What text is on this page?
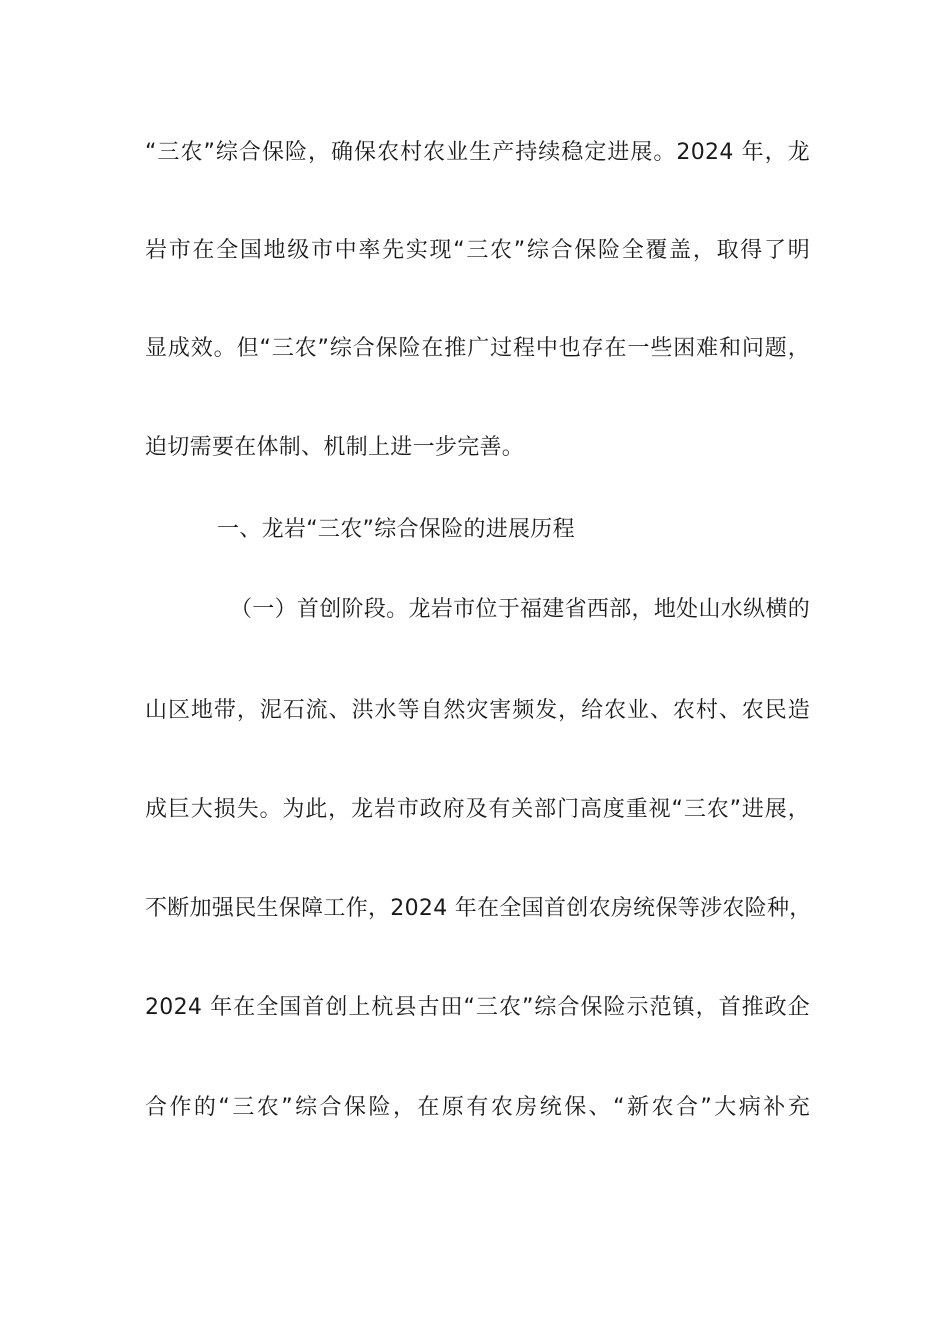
“三农”综合保险，确保农村农业生产持续稳定进展。2024 年，龙
岩市在全国地级市中率先实现“三农”综合保险全覆盖，取得了明
显成效。但“三农”综合保险在推广过程中也存在一些困难和问题，
迫切需要在体制、机制上进一步完善。
一、龙岩“三农”综合保险的进展历程
（一）首创阶段。龙岩市位于福建省西部，地处山水纵横的
山区地带，泥石流、洪水等自然灾害频发，给农业、农村、农民造
成巨大损失。为此，龙岩市政府及有关部门高度重视“三农”进展，
不断加强民生保障工作，2024 年在全国首创农房统保等涉农险种，
2024 年在全国首创上杭县古田“三农”综合保险示范镇，首推政企
合作的“三农”综合保险，在原有农房统保、“新农合”大病补充
